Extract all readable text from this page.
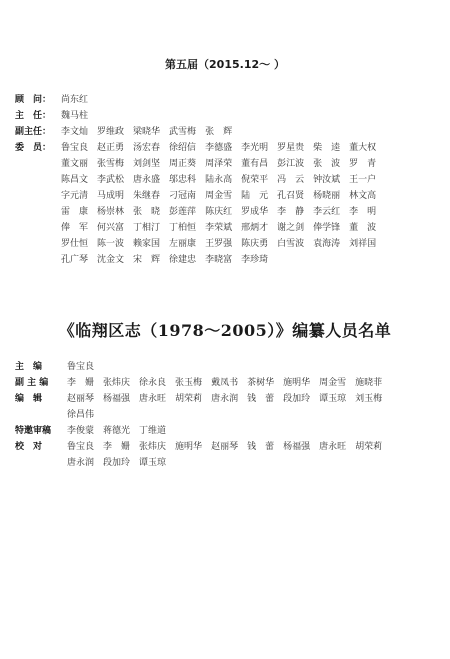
第五届（2015.12～ ）
顾　问： 尚东红
主　任： 魏马柱
副主任： 李文灿 罗维政 梁晓华 武雪梅 张　辉
委　员： 鲁宝良 赵正勇 汤宏春 徐绍信 李德盛 李光明 罗星贵 柴　逵 董大权
董文丽 张雪梅 刘剑坚 周正葵 周泽荣 董有昌 彭江波 张　波 罗　青
陈昌文 李武松 唐永盛 邬忠科 陆永高 倪荣平 冯　云 钟汝斌 王一户
字元清 马成明 朱继春 刁冠南 周金雪 陆　元 孔召贤 杨晓丽 林文高
雷　康 杨崇林 张　晓 彭莲萍 陈庆红 罗成华 李　静 李云红 李　明
俸　军 何兴富 丁相汀 丁柏恒 李荣斌 邢炳才 谢之剑 俸学锋 董　波
罗仕恒 陈一波 赖家国 左丽康 王罗强 陈庆勇 白雪波 袁海涛 刘祥国
孔广琴 沈金文 宋　辉 徐建忠 李晓富 李珍琦
《临翔区志（1978～2005）》编纂人员名单
主　编	鲁宝良
副 主 编 李　姗 张炜庆 徐永良 张玉梅 戴凤书 茶树华 施明华 周金雪 施晓菲
编　辑	赵丽琴 杨福强 唐永旺 胡荣莉 唐永润 钱　蕾 段加玲 谭玉琼 刘玉梅
徐昌伟
特邀审稿 李俊蒙 蒋德光 丁维道
校　对	鲁宝良 李　姗 张炜庆 施明华 赵丽琴 钱　蕾 杨福强 唐永旺 胡荣莉
唐永润 段加玲 谭玉琼
